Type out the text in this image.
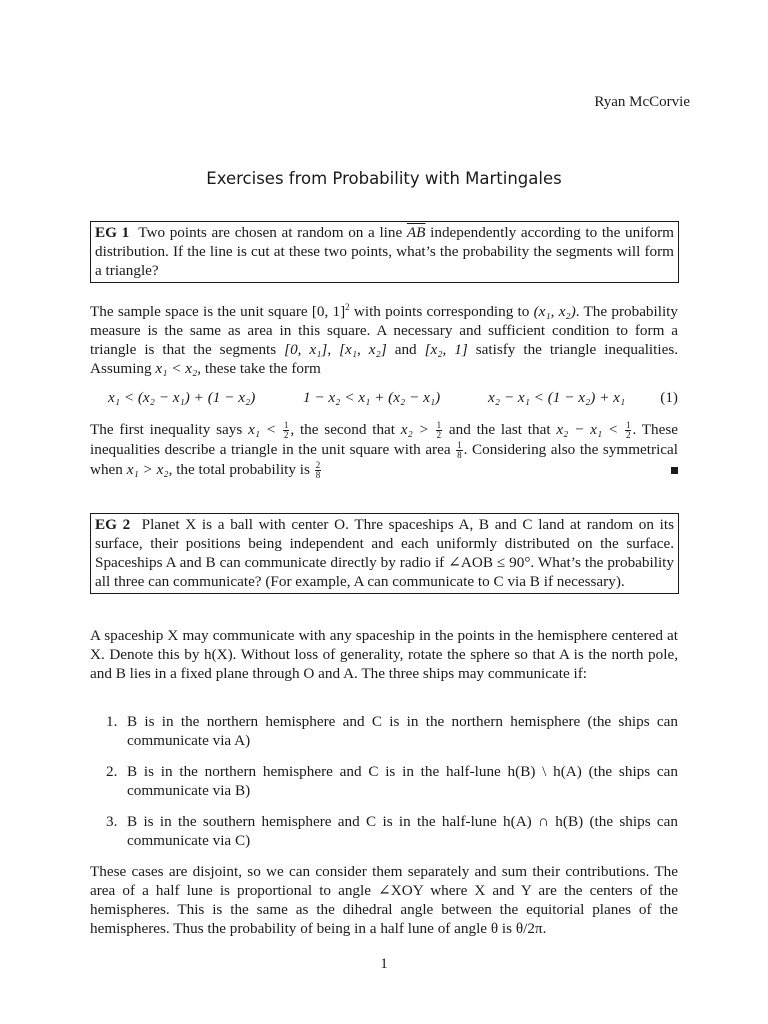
Ryan McCorvie
Exercises from Probability with Martingales
EG 1 Two points are chosen at random on a line $\overline{AB}$ independently according to the uniform distribution. If the line is cut at these two points, what’s the probability the segments will form a triangle?
The sample space is the unit square [0, 1]$^2$ with points corresponding to (x₁, x₂). The probability measure is the same as area in this square. A necessary and sufficient condition to form a triangle is that the segments [0, x₁], [x₁, x₂] and [x₂, 1] satisfy the triangle inequalities. Assuming x₁ < x₂, these take the form
x₁ < (x₂ − x₁) + (1 − x₂)	1 − x₂ < x₁ + (x₂ − x₁)	x₂ − x₁ < (1 − x₂) + x₁ (1)
The first inequality says $x_1 < \frac{1}{2}$ , the second that $x_2 > \frac{1}{2}$ and the last that $x_2 - x_1 < \frac{1}{2}$ . These inequalities describe a triangle in the unit square with area $\frac{1}{8}$ . Considering also the symmetrical when x₁ > x₂, the total probability is $\frac{2}{8}$
EG 2 Planet X is a ball with center O. Thre spaceships A, B and C land at random on its surface, their positions being independent and each uniformly distributed on the surface. Spaceships A and B can communicate directly by radio if ∠AOB ≤ 90°. What’s the probability all three can communicate? (For example, A can communicate to C via B if necessary).
A spaceship X may communicate with any spaceship in the points in the hemisphere centered at X. Denote this by h(X). Without loss of generality, rotate the sphere so that A is the north pole, and B lies in a fixed plane through O and A. The three ships may communicate if:
1. B is in the northern hemisphere and C is in the northern hemisphere (the ships can communicate via A)
2. B is in the northern hemisphere and C is in the half-lune h(B) \ h(A) (the ships can communicate via B)
3. B is in the southern hemisphere and C is in the half-lune h(A) ∩ h(B) (the ships can communicate via C)
These cases are disjoint, so we can consider them separately and sum their contributions. The area of a half lune is proportional to angle ∠XOY where X and Y are the centers of the hemispheres. This is the same as the dihedral angle between the equitorial planes of the hemispheres. Thus the probability of being in a half lune of angle θ is θ/2π.
1
